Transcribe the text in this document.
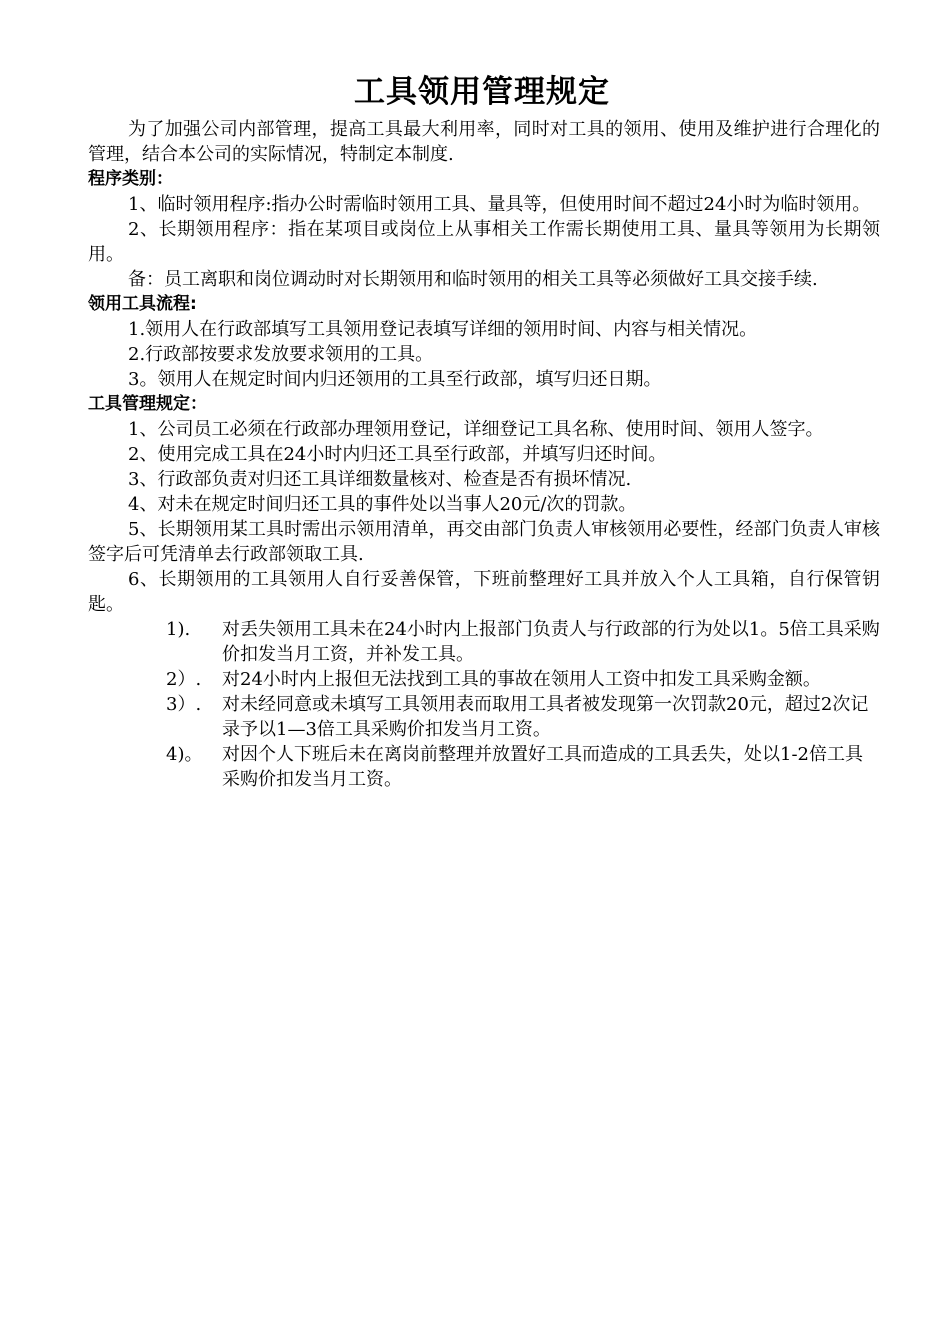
工具领用管理规定

为了加强公司内部管理，提高工具最大利用率，同时对工具的领用、使用及维护进行合理化的管理，结合本公司的实际情况，特制定本制度.

程序类别：

1、临时领用程序:指办公时需临时领用工具、量具等，但使用时间不超过24小时为临时领用。

2、长期领用程序：指在某项目或岗位上从事相关工作需长期使用工具、量具等领用为长期领用。

备：员工离职和岗位调动时对长期领用和临时领用的相关工具等必须做好工具交接手续.

领用工具流程:

1.领用人在行政部填写工具领用登记表填写详细的领用时间、内容与相关情况。

2.行政部按要求发放要求领用的工具。

3。领用人在规定时间内归还领用的工具至行政部，填写归还日期。

工具管理规定：

1、公司员工必须在行政部办理领用登记，详细登记工具名称、使用时间、领用人签字。

2、使用完成工具在24小时内归还工具至行政部，并填写归还时间。

3、行政部负责对归还工具详细数量核对、检查是否有损坏情况.

4、对未在规定时间归还工具的事件处以当事人20元/次的罚款。

5、长期领用某工具时需出示领用清单，再交由部门负责人审核领用必要性，经部门负责人审核签字后可凭清单去行政部领取工具.

6、长期领用的工具领用人自行妥善保管，下班前整理好工具并放入个人工具箱，自行保管钥匙。

1). 对丢失领用工具未在24小时内上报部门负责人与行政部的行为处以1。5倍工具采购价扣发当月工资，并补发工具。
2）. 对24小时内上报但无法找到工具的事故在领用人工资中扣发工具采购金额。
3）. 对未经同意或未填写工具领用表而取用工具者被发现第一次罚款20元，超过2次记录予以1—3倍工具采购价扣发当月工资。
4)。 对因个人下班后未在离岗前整理并放置好工具而造成的工具丢失，处以1-2倍工具采购价扣发当月工资。
